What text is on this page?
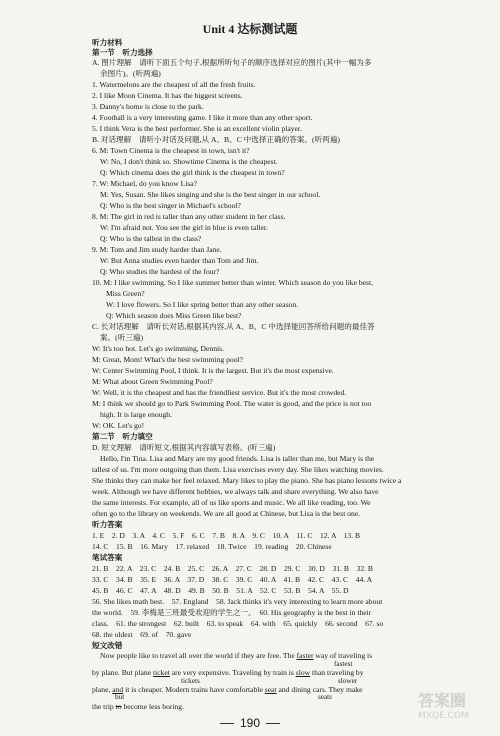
Unit 4 达标测试题
听力材料
第一节　听力选择
A. 图片理解　请听下面五个句子,根据所听句子的顺序选择对应的图片(其中一幅为多
余图片)。(听两遍)
1. Watermelons are the cheapest of all the fresh fruits.
2. I like Moon Cinema. It has the biggest screens.
3. Danny's home is close to the park.
4. Football is a very interesting game. I like it more than any other sport.
5. I think Vera is the best performer. She is an excellent violin player.
B. 对话理解　请听小对话及问题,从 A、B、C 中选择正确的答案。(听两遍)
6. M: Town Cinema is the cheapest in town, isn't it?
W: No, I don't think so. Showtime Cinema is the cheapest.
Q: Which cinema does the girl think is the cheapest in town?
7. W: Michael, do you know Lisa?
M: Yes, Susan. She likes singing and she is the best singer in our school.
Q: Who is the best singer in Michael's school?
8. M: The girl in red is taller than any other student in her class.
W: I'm afraid not. You see the girl in blue is even taller.
Q: Who is the tallest in the class?
9. M: Tom and Jim study harder than Jane.
W: But Anna studies even harder than Tom and Jim.
Q: Who studies the hardest of the four?
10. M: I like swimming. So I like summer better than winter. Which season do you like best,
Miss Green?
W: I love flowers. So I like spring better than any other season.
Q: Which season does Miss Green like best?
C. 长对话理解　请听长对话,根据其内容,从 A、B、C 中选择能回答所给问题的最佳答
案。(听三遍)
W: It's too hot. Let's go swimming, Dennis.
M: Great, Mom! What's the best swimming pool?
W: Center Swimming Pool, I think. It is the largest. But it's the most expensive.
M: What about Green Swimming Pool?
W: Well, it is the cheapest and has the friendliest service. But it's the most crowded.
M: I think we should go to Park Swimming Pool. The water is good, and the price is not too
high. It is large enough.
W: OK. Let's go!
第二节　听力填空
D. 短文理解　请听短文,根据其内容填写表格。(听三遍)
Hello, I'm Tina. Lisa and Mary are my good friends. Lisa is taller than me, but Mary is the
tallest of us. I'm more outgoing than them. Lisa exercises every day. She likes watching movies.
She thinks they can make her feel relaxed. Mary likes to play the piano. She has piano lessons twice a
week. Although we have different hobbies, we always talk and share everything. We also have
the same interests. For example, all of us like sports and music. We all like reading, too. We
often go to the library on weekends. We are all good at Chinese, but Lisa is the best one.
听力答案
1. E　2. D　3. A　4. C　5. F　6. C　7. B　8. A　9. C　10. A　11. C　12. A　13. B
14. C　15. B　16. Mary　17. relaxed　18. Twice　19. reading　20. Chinese
笔试答案
21. B　22. A　23. C　24. B　25. C　26. A　27. C　28. D　29. C　30. D　31. B　32. B
33. C　34. B　35. E　36. A　37. D　38. C　39. C　40. A　41. B　42. C　43. C　44. A
45. B　46. C　47. A　48. D　49. B　50. B　51. A　52. C　53. B　54. A　55. D
56. She likes math best.　57. England　58. Jack thinks it's very interesting to learn more about
the world.　59. 李梅是三班最受欢迎的学生之一。　60. His geography is the best in their
class.　61. the strongest　62. built　63. to speak　64. with　65. quickly　66. second　67. so
68. the oldest　69. of　70. gave
短文改错
Now people like to travel all over the world if they are free. The faster way of traveling is
fastest
by plane. But plane ticket are very expensive. Traveling by train is slow than traveling by
tickets	slower
plane, and it is cheaper. Modern trains have comfortable seat and dining cars. They make
but	seats
the trip to become less boring.
190
答案圈
MXQE.COM
